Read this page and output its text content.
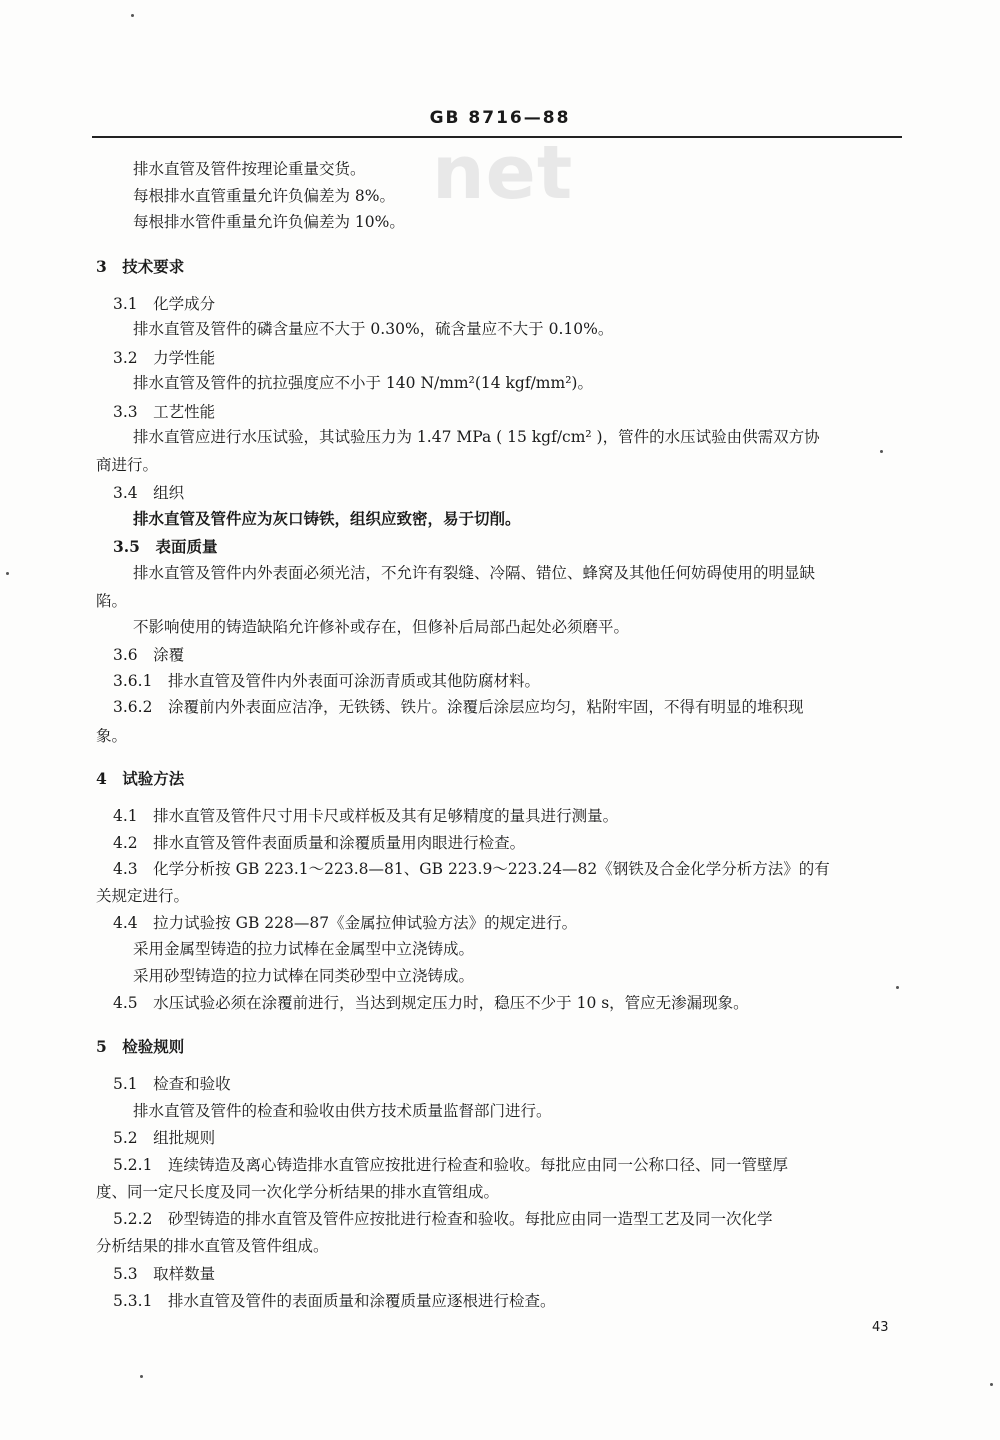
net
GB 8716—88
排水直管及管件按理论重量交货。
每根排水直管重量允许负偏差为 8%。
每根排水管件重量允许负偏差为 10%。
3　技术要求
3.1　化学成分
排水直管及管件的磷含量应不大于 0.30%，硫含量应不大于 0.10%。
3.2　力学性能
排水直管及管件的抗拉强度应不小于 140 N/mm²(14 kgf/mm²)。
3.3　工艺性能
排水直管应进行水压试验，其试验压力为 1.47 MPa ( 15 kgf/cm² )，管件的水压试验由供需双方协
商进行。
3.4　组织
排水直管及管件应为灰口铸铁，组织应致密，易于切削。
3.5　表面质量
排水直管及管件内外表面必须光洁，不允许有裂缝、冷隔、错位、蜂窝及其他任何妨碍使用的明显缺
陷。
不影响使用的铸造缺陷允许修补或存在，但修补后局部凸起处必须磨平。
3.6　涂覆
3.6.1　排水直管及管件内外表面可涂沥青质或其他防腐材料。
3.6.2　涂覆前内外表面应洁净，无铁锈、铁片。涂覆后涂层应均匀，粘附牢固，不得有明显的堆积现
象。
4　试验方法
4.1　排水直管及管件尺寸用卡尺或样板及其有足够精度的量具进行测量。
4.2　排水直管及管件表面质量和涂覆质量用肉眼进行检查。
4.3　化学分析按 GB 223.1～223.8—81、GB 223.9～223.24—82《钢铁及合金化学分析方法》的有
关规定进行。
4.4　拉力试验按 GB 228—87《金属拉伸试验方法》的规定进行。
采用金属型铸造的拉力试棒在金属型中立浇铸成。
采用砂型铸造的拉力试棒在同类砂型中立浇铸成。
4.5　水压试验必须在涂覆前进行，当达到规定压力时，稳压不少于 10 s，管应无渗漏现象。
5　检验规则
5.1　检查和验收
排水直管及管件的检查和验收由供方技术质量监督部门进行。
5.2　组批规则
5.2.1　连续铸造及离心铸造排水直管应按批进行检查和验收。每批应由同一公称口径、同一管壁厚
度、同一定尺长度及同一次化学分析结果的排水直管组成。
5.2.2　砂型铸造的排水直管及管件应按批进行检查和验收。每批应由同一造型工艺及同一次化学
分析结果的排水直管及管件组成。
5.3　取样数量
5.3.1　排水直管及管件的表面质量和涂覆质量应逐根进行检查。
43
